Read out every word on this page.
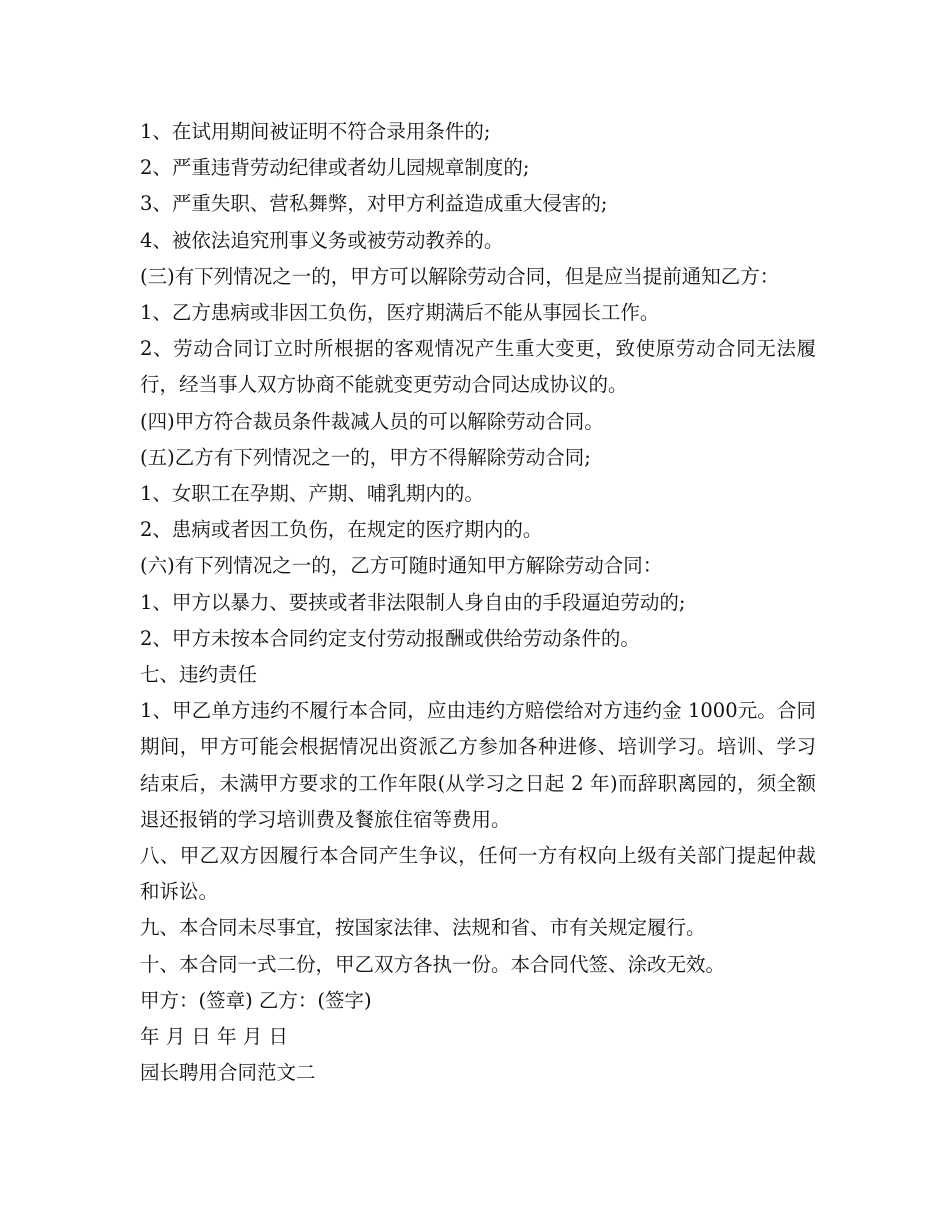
1、在试用期间被证明不符合录用条件的;

2、严重违背劳动纪律或者幼儿园规章制度的;

3、严重失职、营私舞弊，对甲方利益造成重大侵害的;

4、被依法追究刑事义务或被劳动教养的。

(三)有下列情况之一的，甲方可以解除劳动合同，但是应当提前通知乙方：

1、乙方患病或非因工负伤，医疗期满后不能从事园长工作。

2、劳动合同订立时所根据的客观情况产生重大变更，致使原劳动合同无法履行，经当事人双方协商不能就变更劳动合同达成协议的。

(四)甲方符合裁员条件裁减人员的可以解除劳动合同。

(五)乙方有下列情况之一的，甲方不得解除劳动合同;

1、女职工在孕期、产期、哺乳期内的。

2、患病或者因工负伤，在规定的医疗期内的。

(六)有下列情况之一的，乙方可随时通知甲方解除劳动合同：

1、甲方以暴力、要挟或者非法限制人身自由的手段逼迫劳动的;

2、甲方未按本合同约定支付劳动报酬或供给劳动条件的。

七、违约责任

1、甲乙单方违约不履行本合同，应由违约方赔偿给对方违约金 1000元。合同期间，甲方可能会根据情况出资派乙方参加各种进修、培训学习。培训、学习结束后，未满甲方要求的工作年限(从学习之日起 2 年)而辞职离园的，须全额退还报销的学习培训费及餐旅住宿等费用。

八、甲乙双方因履行本合同产生争议，任何一方有权向上级有关部门提起仲裁和诉讼。

九、本合同未尽事宜，按国家法律、法规和省、市有关规定履行。

十、本合同一式二份，甲乙双方各执一份。本合同代签、涂改无效。

甲方：(签章) 乙方：(签字)

年 月 日 年 月 日

园长聘用合同范文二
